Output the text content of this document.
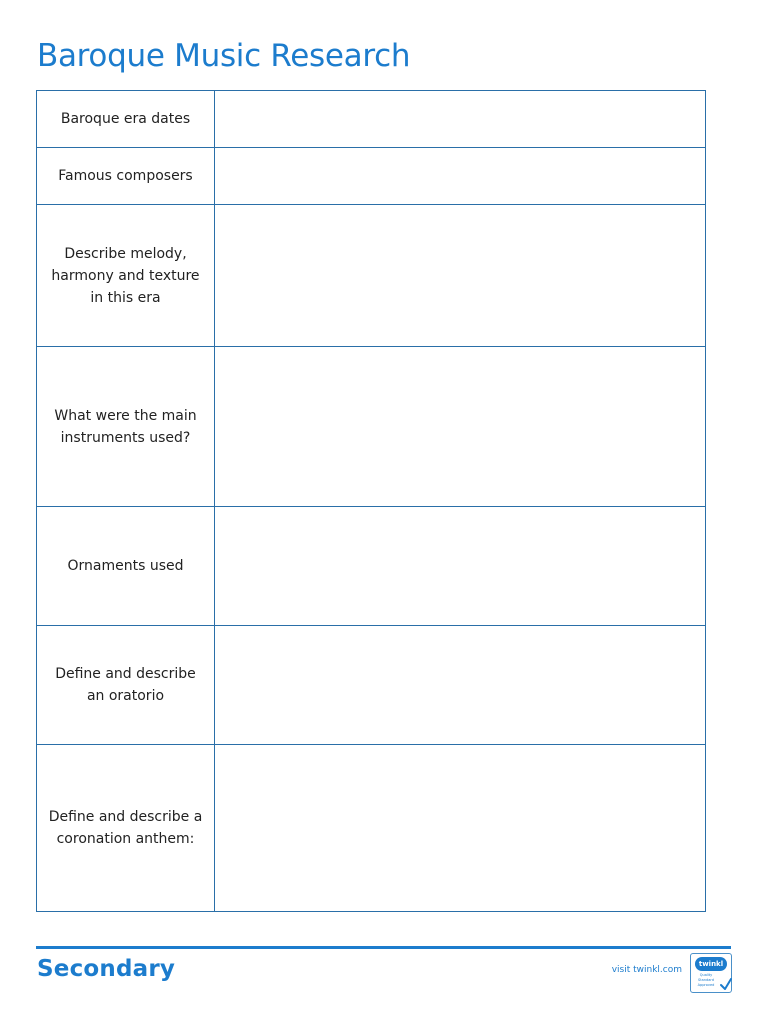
Baroque Music Research
Baroque era dates	
Famous composers	
Describe melody,
harmony and texture
in this era	
What were the main
instruments used?	
Ornaments used	
Define and describe
an oratorio	
Define and describe a
coronation anthem:	
Secondary	visit twinkl.com
twinkl
Quality Standard
Approved
